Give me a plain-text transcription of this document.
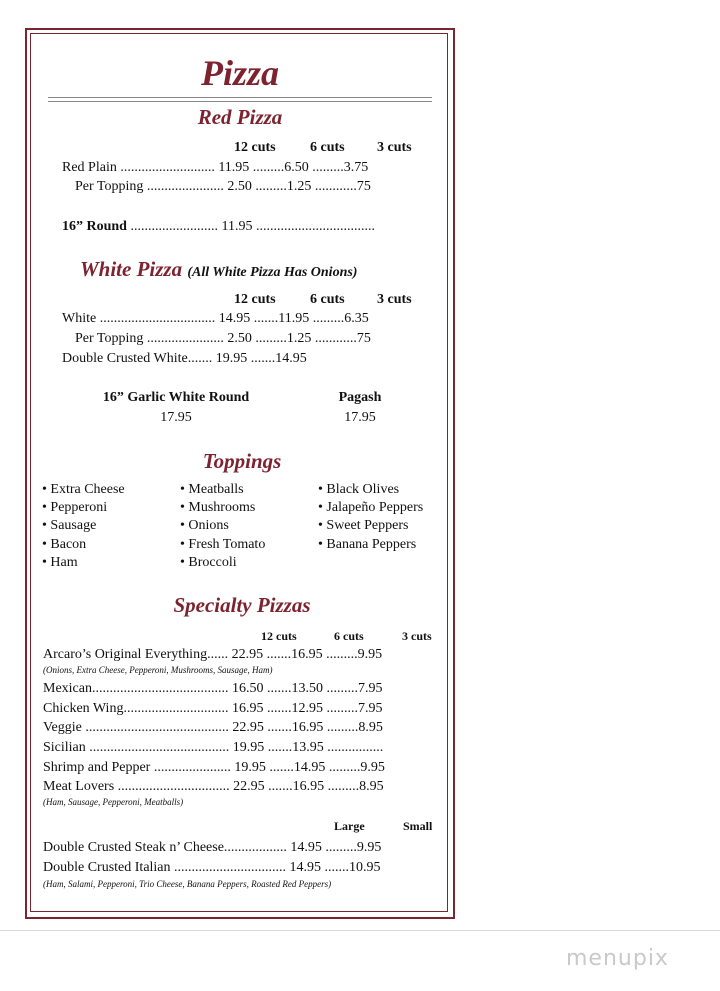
Pizza
Red Pizza
12 cuts 6 cuts 3 cuts
Red Plain ........................... 11.95 .........6.50 .........3.75
Per Topping ...................... 2.50 .........1.25 ............75
16” Round ......................... 11.95 ..................................
White Pizza (All White Pizza Has Onions)
12 cuts 6 cuts 3 cuts
White ................................. 14.95 .......11.95 .........6.35
Per Topping ...................... 2.50 .........1.25 ............75
Double Crusted White....... 19.95 .......14.95
16” Garlic White Round
17.95
Pagash
17.95
Toppings
• Extra Cheese
• Pepperoni
• Sausage
• Bacon
• Ham
• Meatballs
• Mushrooms
• Onions
• Fresh Tomato
• Broccoli
• Black Olives
• Jalapeño Peppers
• Sweet Peppers
• Banana Peppers
Specialty Pizzas
12 cuts	6 cuts	3 cuts
Arcaro’s Original Everything...... 22.95 .......16.95 .........9.95
(Onions, Extra Cheese, Pepperoni, Mushrooms, Sausage, Ham)
Mexican....................................... 16.50 .......13.50 .........7.95
Chicken Wing.............................. 16.95 .......12.95 .........7.95
Veggie ......................................... 22.95 .......16.95 .........8.95
Sicilian ........................................ 19.95 .......13.95 ................
Shrimp and Pepper ...................... 19.95 .......14.95 .........9.95
Meat Lovers ................................ 22.95 .......16.95 .........8.95
(Ham, Sausage, Pepperoni, Meatballs)
Large	Small
Double Crusted Steak n’ Cheese.................. 14.95 .........9.95
Double Crusted Italian ................................ 14.95 .......10.95
(Ham, Salami, Pepperoni, Trio Cheese, Banana Peppers, Roasted Red Peppers)
menupix
